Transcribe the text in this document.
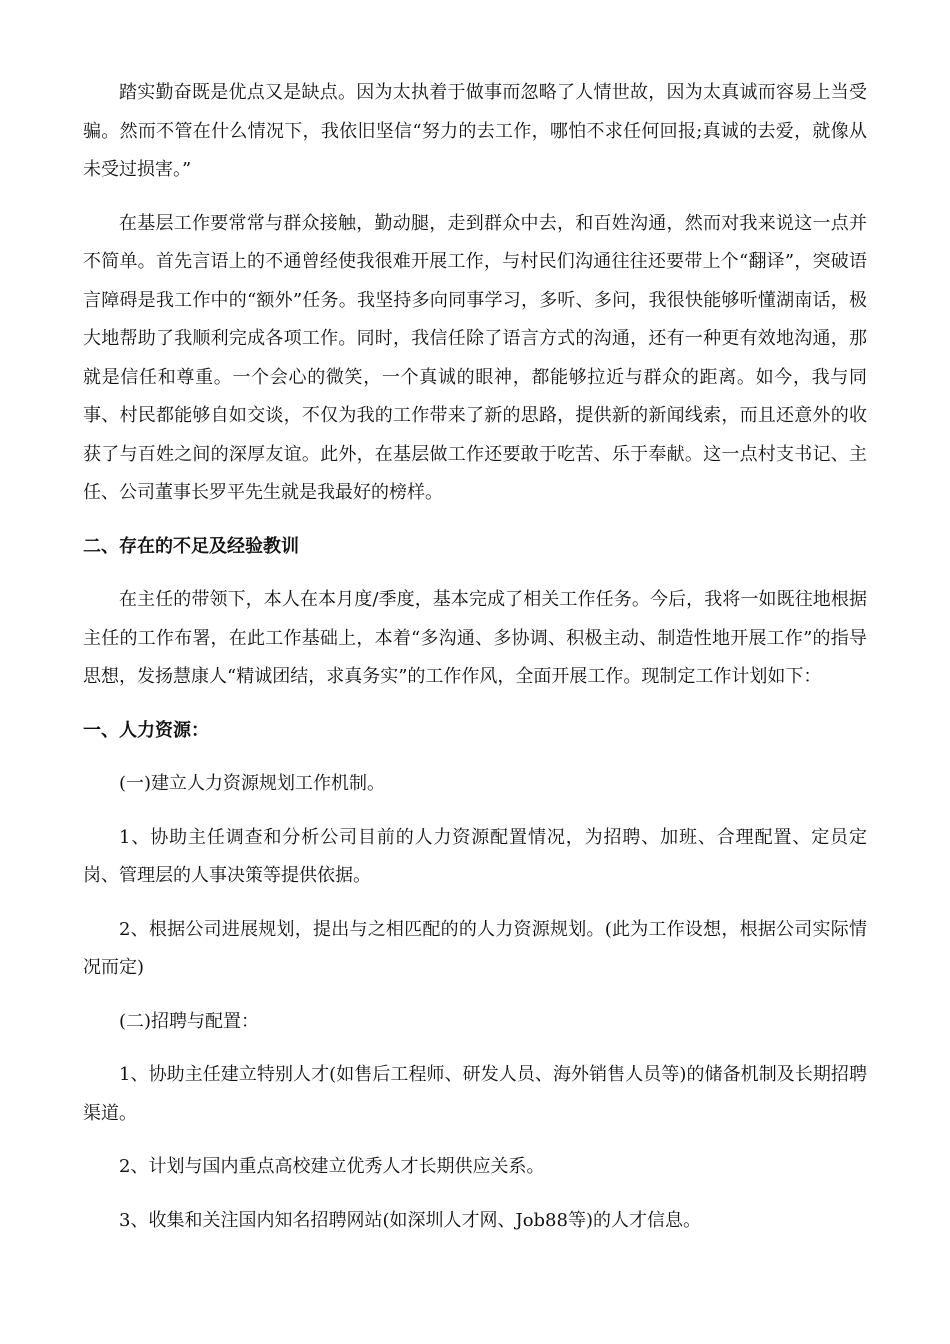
踏实勤奋既是优点又是缺点。因为太执着于做事而忽略了人情世故，因为太真诚而容易上当受骗。然而不管在什么情况下，我依旧坚信“努力的去工作，哪怕不求任何回报;真诚的去爱，就像从未受过损害。”

在基层工作要常常与群众接触，勤动腿，走到群众中去，和百姓沟通，然而对我来说这一点并不简单。首先言语上的不通曾经使我很难开展工作，与村民们沟通往往还要带上个“翻译”，突破语言障碍是我工作中的“额外”任务。我坚持多向同事学习，多听、多问，我很快能够听懂湖南话，极大地帮助了我顺利完成各项工作。同时，我信任除了语言方式的沟通，还有一种更有效地沟通，那就是信任和尊重。一个会心的微笑，一个真诚的眼神，都能够拉近与群众的距离。如今，我与同事、村民都能够自如交谈，不仅为我的工作带来了新的思路，提供新的新闻线索，而且还意外的收获了与百姓之间的深厚友谊。此外，在基层做工作还要敢于吃苦、乐于奉献。这一点村支书记、主任、公司董事长罗平先生就是我最好的榜样。

二、存在的不足及经验教训

在主任的带领下，本人在本月度/季度，基本完成了相关工作任务。今后，我将一如既往地根据主任的工作布署，在此工作基础上，本着“多沟通、多协调、积极主动、制造性地开展工作”的指导思想，发扬慧康人“精诚团结，求真务实”的工作作风，全面开展工作。现制定工作计划如下：

一、人力资源：

(一)建立人力资源规划工作机制。

1、协助主任调查和分析公司目前的人力资源配置情况，为招聘、加班、合理配置、定员定岗、管理层的人事决策等提供依据。

2、根据公司进展规划，提出与之相匹配的的人力资源规划。(此为工作设想，根据公司实际情况而定)

(二)招聘与配置：

1、协助主任建立特别人才(如售后工程师、研发人员、海外销售人员等)的储备机制及长期招聘渠道。

2、计划与国内重点高校建立优秀人才长期供应关系。

3、收集和关注国内知名招聘网站(如深圳人才网、Job88等)的人才信息。
